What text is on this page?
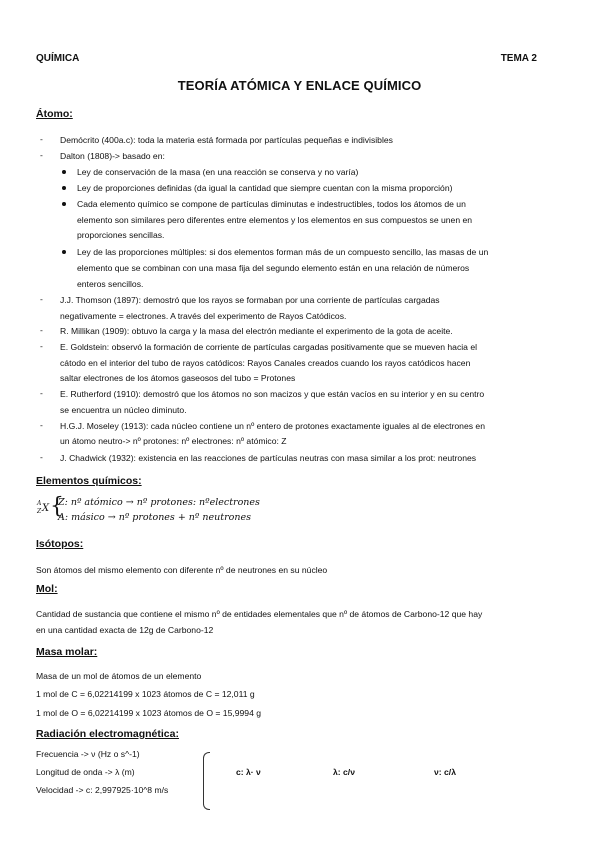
QUÍMICA	TEMA 2
TEORÍA ATÓMICA Y ENLACE QUÍMICO
Átomo:
- Demócrito (400a.c): toda la materia está formada por partículas pequeñas e indivisibles
- Dalton (1808)-> basado en:
Ley de conservación de la masa (en una reacción se conserva y no varía)
Ley de proporciones definidas (da igual la cantidad que siempre cuentan con la misma proporción)
Cada elemento químico se compone de partículas diminutas e indestructibles, todos los átomos de un
elemento son similares pero diferentes entre elementos y los elementos en sus compuestos se unen en
proporciones sencillas.
Ley de las proporciones múltiples: si dos elementos forman más de un compuesto sencillo, las masas de un
elemento que se combinan con una masa fija del segundo elemento están en una relación de números
enteros sencillos.
- J.J. Thomson (1897): demostró que los rayos se formaban por una corriente de partículas cargadas
negativamente = electrones. A través del experimento de Rayos Catódicos.
- R. Millikan (1909): obtuvo la carga y la masa del electrón mediante el experimento de la gota de aceite.
- E. Goldstein: observó la formación de corriente de partículas cargadas positivamente que se mueven hacia el
cátodo en el interior del tubo de rayos catódicos: Rayos Canales creados cuando los rayos catódicos hacen
saltar electrones de los átomos gaseosos del tubo = Protones
- E. Rutherford (1910): demostró que los átomos no son macizos y que están vacíos en su interior y en su centro
se encuentra un núcleo diminuto.
- H.G.J. Moseley (1913): cada núcleo contiene un nº entero de protones exactamente iguales al de electrones en
un átomo neutro-> nº protones: nº electrones: nº atómico: Z
- J. Chadwick (1932): existencia en las reacciones de partículas neutras con masa similar a los prot: neutrones
Elementos químicos:
A
Z X {
Z: nº atómico → nº protones: nºelectrones
A: másico → nº protones + nº neutrones
Isótopos:
Son átomos del mismo elemento con diferente nº de neutrones en su núcleo
Mol:
Cantidad de sustancia que contiene el mismo nº de entidades elementales que nº de átomos de Carbono-12 que hay
en una cantidad exacta de 12g de Carbono-12
Masa molar:
Masa de un mol de átomos de un elemento
1 mol de C = 6,02214199 x 1023 átomos de C = 12,011 g
1 mol de O = 6,02214199 x 1023 átomos de O = 15,9994 g
Radiación electromagnética:
Frecuencia -> ν (Hz o s^-1)
Longitud de onda -> λ (m)
Velocidad -> c: 2,997925·10^8 m/s
c: λ· ν	λ: c/ν	ν: c/λ
